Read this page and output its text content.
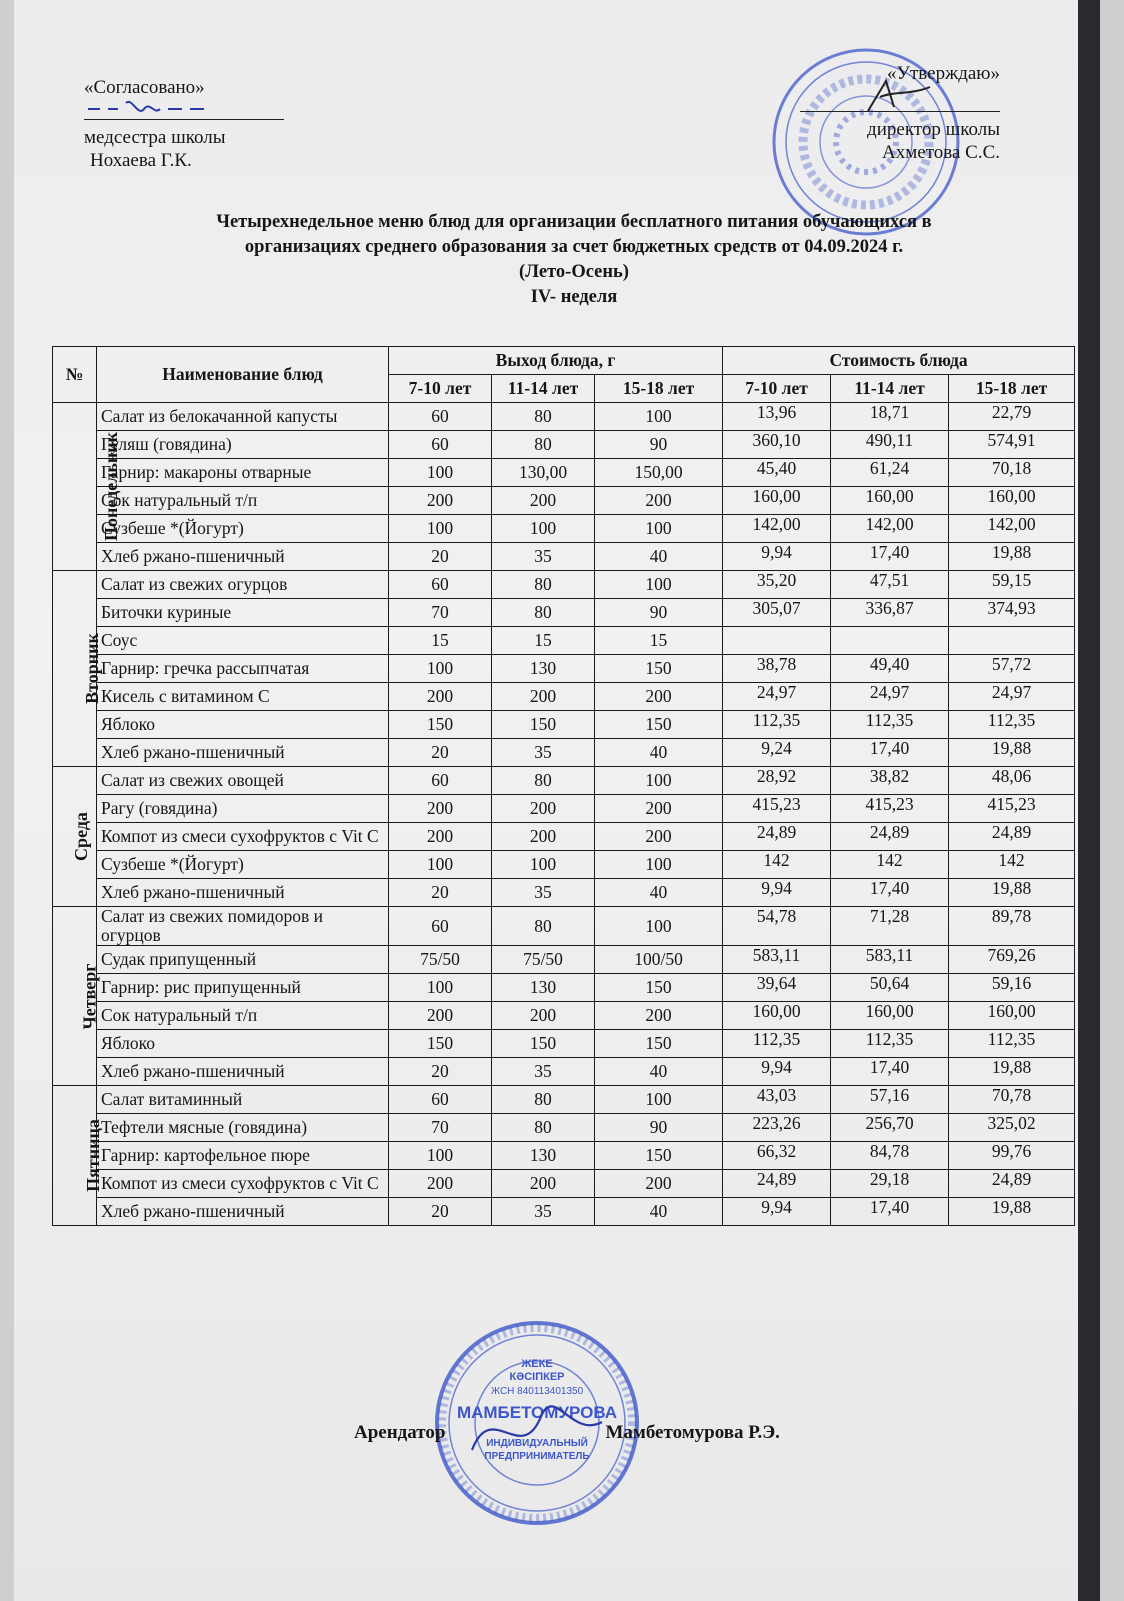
«Согласовано»
медсестра школы
Нохаева Г.К.
«Утверждаю»
директор школы
Ахметова С.С.
Четырехнедельное меню блюд для организации бесплатного питания обучающихся в
организациях среднего образования за счет бюджетных средств от 04.09.2024 г.
(Лето-Осень)
IV- неделя
№	Наименование блюд	Выход блюда, г			Стоимость блюда		
		7-10 лет	11-14 лет	15-18 лет	7-10 лет	11-14 лет	15-18 лет
Понедельник	Салат из белокачанной капусты	60	80	100	13,96	18,71	22,79
	Гуляш (говядина)	60	80	90	360,10	490,11	574,91
	Гарнир: макароны отварные	100	130,00	150,00	45,40	61,24	70,18
	Сок натуральный т/п	200	200	200	160,00	160,00	160,00
	Сузбеше *(Йогурт)	100	100	100	142,00	142,00	142,00
	Хлеб ржано-пшеничный	20	35	40	9,94	17,40	19,88
Вторник	Салат из свежих огурцов	60	80	100	35,20	47,51	59,15
	Биточки куриные	70	80	90	305,07	336,87	374,93
	Соус	15	15	15			
	Гарнир: гречка рассыпчатая	100	130	150	38,78	49,40	57,72
	Кисель с витамином С	200	200	200	24,97	24,97	24,97
	Яблоко	150	150	150	112,35	112,35	112,35
	Хлеб ржано-пшеничный	20	35	40	9,24	17,40	19,88
Среда	Салат из свежих овощей	60	80	100	28,92	38,82	48,06
	Рагу (говядина)	200	200	200	415,23	415,23	415,23
	Компот из смеси сухофруктов с Vit C	200	200	200	24,89	24,89	24,89
	Сузбеше *(Йогурт)	100	100	100	142	142	142
	Хлеб ржано-пшеничный	20	35	40	9,94	17,40	19,88
Четверг	Салат из свежих помидоров и огурцов	60	80	100	54,78	71,28	89,78
	Судак припущенный	75/50	75/50	100/50	583,11	583,11	769,26
	Гарнир: рис припущенный	100	130	150	39,64	50,64	59,16
	Сок натуральный т/п	200	200	200	160,00	160,00	160,00
	Яблоко	150	150	150	112,35	112,35	112,35
	Хлеб ржано-пшеничный	20	35	40	9,94	17,40	19,88
Пятница	Салат витаминный	60	80	100	43,03	57,16	70,78
	Тефтели мясные (говядина)	70	80	90	223,26	256,70	325,02
	Гарнир: картофельное пюре	100	130	150	66,32	84,78	99,76
	Компот из смеси сухофруктов с Vit C	200	200	200	24,89	29,18	24,89
	Хлеб ржано-пшеничный	20	35	40	9,94	17,40	19,88
ЖЕКЕ
КӘСІПКЕР
ЖСН 840113401350
МАМБЕТОМУРОВА
ИНДИВИДУАЛЬНЫЙ
ПРЕДПРИНИМАТЕЛЬ
Арендатор	Мамбетомурова Р.Э.
